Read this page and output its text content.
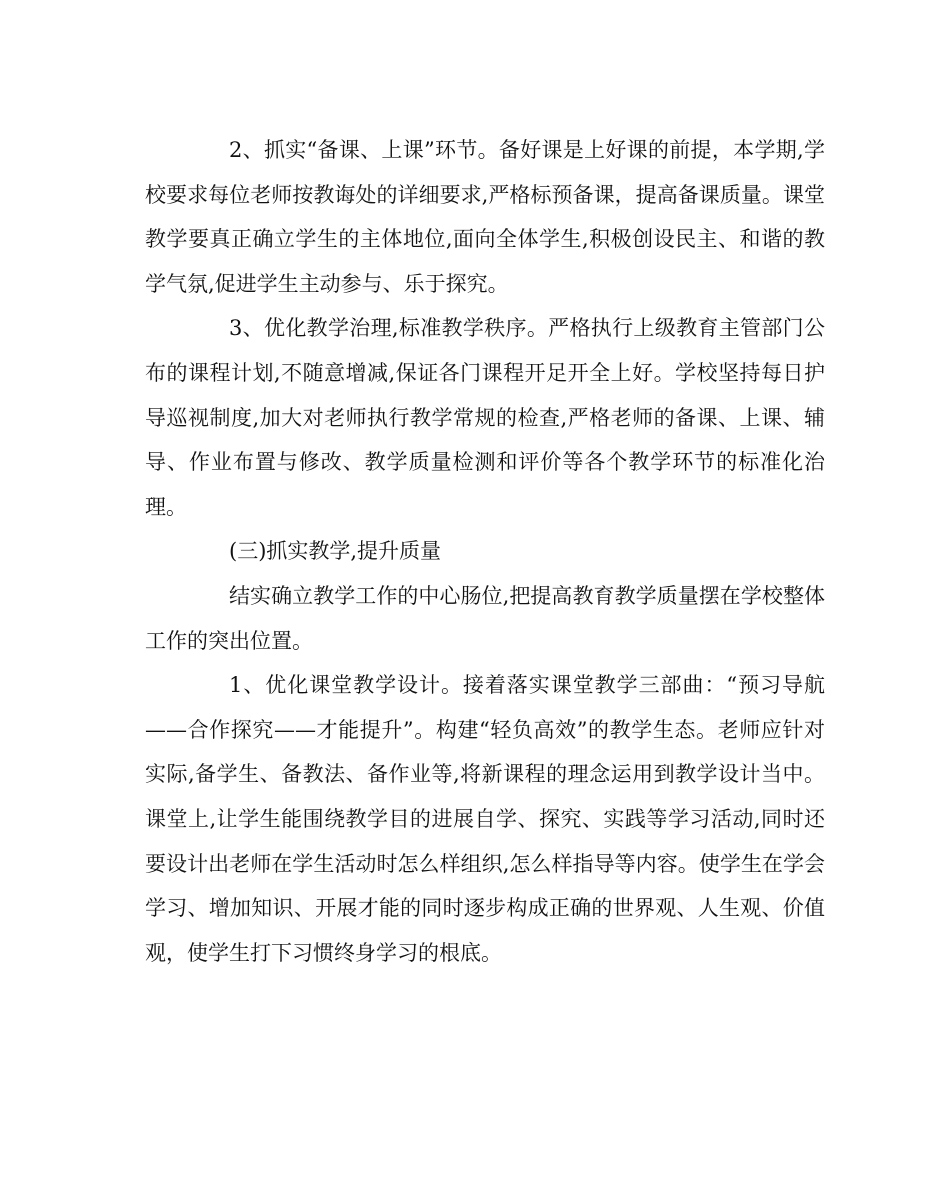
2、抓实“备课、上课”环节。备好课是上好课的前提，本学期,学校要求每位老师按教诲处的详细要求,严格标预备课，提高备课质量。课堂教学要真正确立学生的主体地位,面向全体学生,积极创设民主、和谐的教学气氛,促进学生主动参与、乐于探究。

3、优化教学治理,标准教学秩序。严格执行上级教育主管部门公布的课程计划,不随意增减,保证各门课程开足开全上好。学校坚持每日护导巡视制度,加大对老师执行教学常规的检查,严格老师的备课、上课、辅导、作业布置与修改、教学质量检测和评价等各个教学环节的标准化治理。

(三)抓实教学,提升质量

结实确立教学工作的中心肠位,把提高教育教学质量摆在学校整体工作的突出位置。

1、优化课堂教学设计。接着落实课堂教学三部曲：“预习导航——合作探究——才能提升”。构建“轻负高效”的教学生态。老师应针对实际,备学生、备教法、备作业等,将新课程的理念运用到教学设计当中。课堂上,让学生能围绕教学目的进展自学、探究、实践等学习活动,同时还要设计出老师在学生活动时怎么样组织,怎么样指导等内容。使学生在学会学习、增加知识、开展才能的同时逐步构成正确的世界观、人生观、价值观，使学生打下习惯终身学习的根底。
